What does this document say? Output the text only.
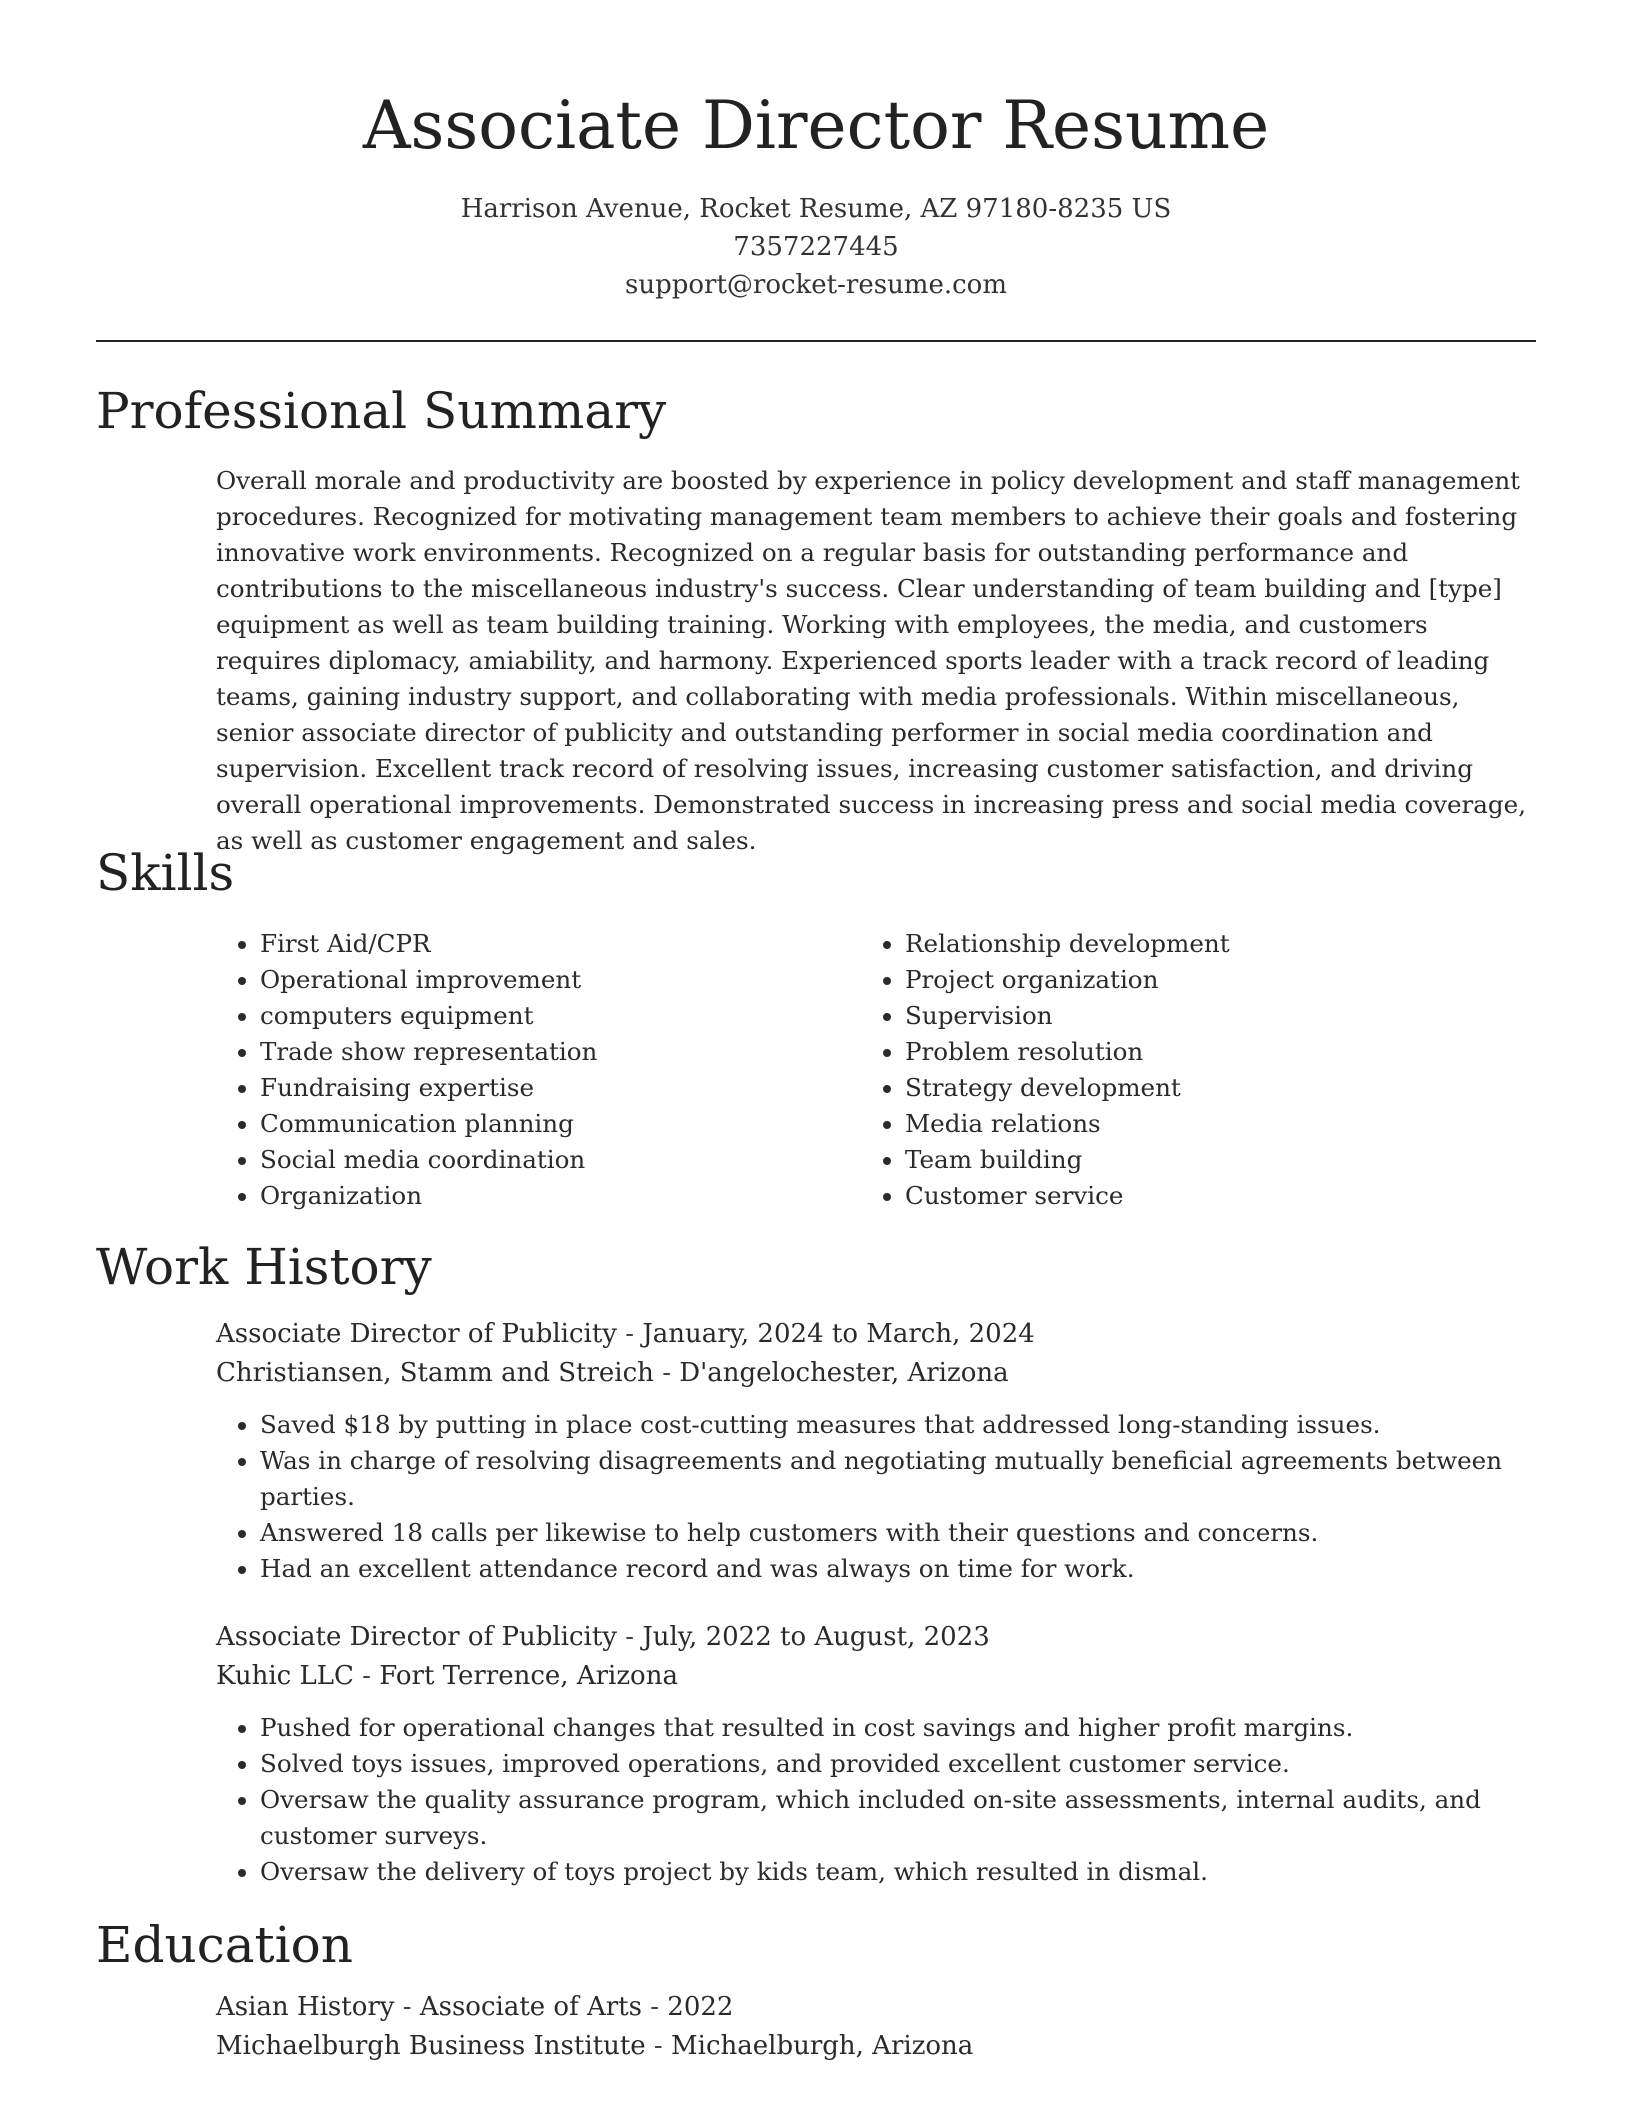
Associate Director Resume
Harrison Avenue, Rocket Resume, AZ 97180-8235 US
7357227445
support@rocket-resume.com
Professional Summary

Overall morale and productivity are boosted by experience in policy development and staff management procedures. Recognized for motivating management team members to achieve their goals and fostering innovative work environments. Recognized on a regular basis for outstanding performance and contributions to the miscellaneous industry's success. Clear understanding of team building and [type] equipment as well as team building training. Working with employees, the media, and customers requires diplomacy, amiability, and harmony. Experienced sports leader with a track record of leading teams, gaining industry support, and collaborating with media professionals. Within miscellaneous, senior associate director of publicity and outstanding performer in social media coordination and supervision. Excellent track record of resolving issues, increasing customer satisfaction, and driving overall operational improvements. Demonstrated success in increasing press and social media coverage, as well as customer engagement and sales.

Skills
• First Aid/CPR
• Operational improvement
• computers equipment
• Trade show representation
• Fundraising expertise
• Communication planning
• Social media coordination
• Organization
• Relationship development
• Project organization
• Supervision
• Problem resolution
• Strategy development
• Media relations
• Team building
• Customer service
Work History
Associate Director of Publicity - January, 2024 to March, 2024
Christiansen, Stamm and Streich - D'angelochester, Arizona
• Saved $18 by putting in place cost-cutting measures that addressed long-standing issues.
• Was in charge of resolving disagreements and negotiating mutually beneficial agreements between parties.
• Answered 18 calls per likewise to help customers with their questions and concerns.
• Had an excellent attendance record and was always on time for work.
Associate Director of Publicity - July, 2022 to August, 2023
Kuhic LLC - Fort Terrence, Arizona
• Pushed for operational changes that resulted in cost savings and higher profit margins.
• Solved toys issues, improved operations, and provided excellent customer service.
• Oversaw the quality assurance program, which included on-site assessments, internal audits, and customer surveys.
• Oversaw the delivery of toys project by kids team, which resulted in dismal.
Education
Asian History - Associate of Arts - 2022
Michaelburgh Business Institute - Michaelburgh, Arizona
